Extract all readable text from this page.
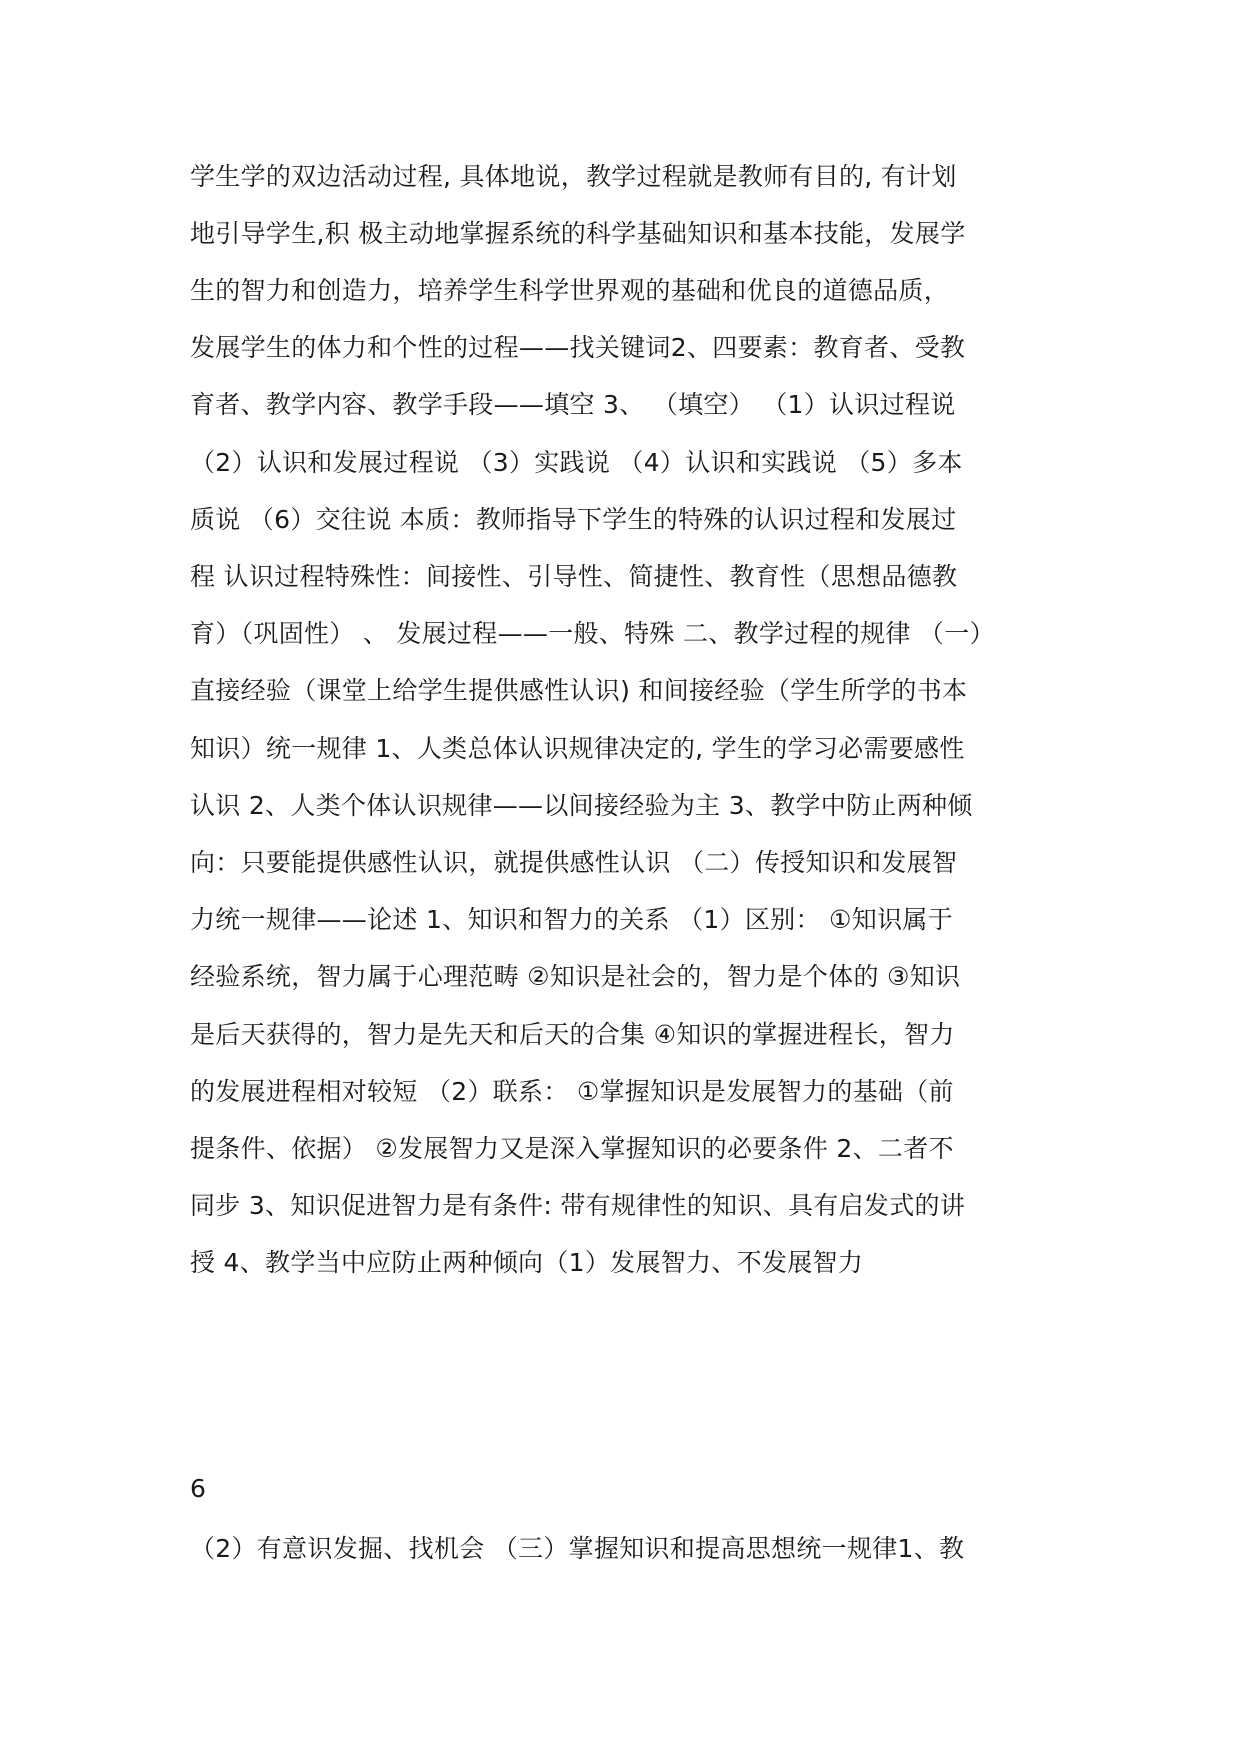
学生学的双边活动过程, 具体地说，教学过程就是教师有目的, 有计划
地引导学生,积 极主动地掌握系统的科学基础知识和基本技能，发展学
生的智力和创造力，培养学生科学世界观的基础和优良的道德品质，
发展学生的体力和个性的过程——找关键词2、四要素：教育者、受教
育者、教学内容、教学手段——填空 3、 （填空） （1）认识过程说
（2）认识和发展过程说 （3）实践说 （4）认识和实践说 （5）多本
质说 （6）交往说 本质：教师指导下学生的特殊的认识过程和发展过
程 认识过程特殊性：间接性、引导性、简捷性、教育性（思想品德教
育）（巩固性） 、 发展过程——一般、特殊 二、教学过程的规律 （一）
直接经验（课堂上给学生提供感性认识) 和间接经验（学生所学的书本
知识）统一规律 1、人类总体认识规律决定的, 学生的学习必需要感性
认识 2、人类个体认识规律——以间接经验为主 3、教学中防止两种倾
向：只要能提供感性认识，就提供感性认识 （二）传授知识和发展智
力统一规律——论述 1、知识和智力的关系 （1）区别： ①知识属于
经验系统，智力属于心理范畴 ②知识是社会的，智力是个体的 ③知识
是后天获得的，智力是先天和后天的合集 ④知识的掌握进程长，智力
的发展进程相对较短 （2）联系： ①掌握知识是发展智力的基础（前
提条件、依据） ②发展智力又是深入掌握知识的必要条件 2、二者不
同步 3、知识促进智力是有条件: 带有规律性的知识、具有启发式的讲
授 4、教学当中应防止两种倾向（1）发展智力、不发展智力
6
（2）有意识发掘、找机会 （三）掌握知识和提高思想统一规律1、教
